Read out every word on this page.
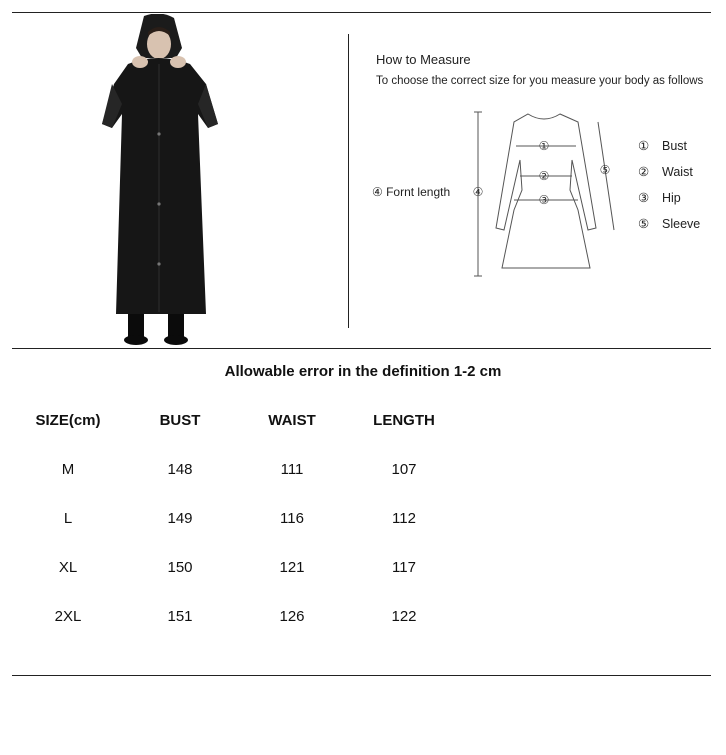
How to Measure
To choose the correct size for you measure your body as follows
④ Fornt length
①
②
③
④
⑤
① Bust
② Waist
③ Hip
⑤ Sleeve
Allowable error in the definition 1-2 cm
SIZE(cm)	BUST	WAIST	LENGTH
M	148	111	107
L	149	116	112
XL	150	121	117
2XL	151	126	122
